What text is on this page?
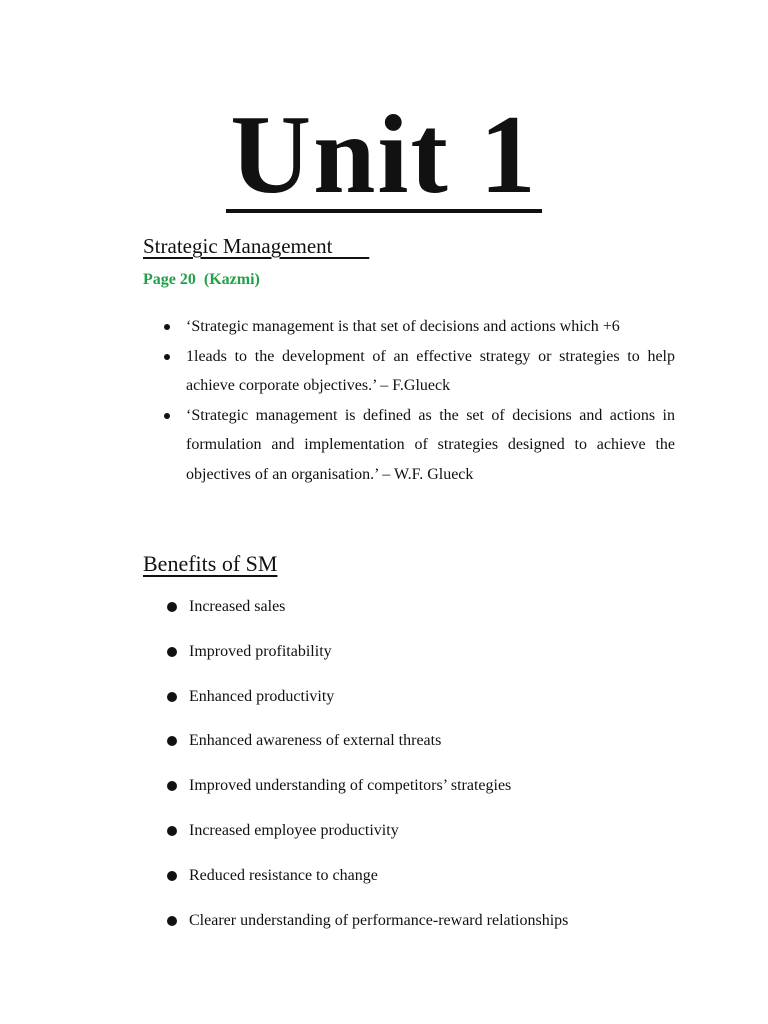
Unit 1
Strategic Management

Page 20  (Kazmi)

‘Strategic management is that set of decisions and actions which +6
1leads to the development of an effective strategy or strategies to help achieve corporate objectives.’ – F.Glueck
‘Strategic management is defined as the set of decisions and actions in formulation and implementation of strategies designed to achieve the objectives of an organisation.’ – W.F. Glueck
Benefits of SM
Increased sales
Improved profitability
Enhanced productivity
Enhanced awareness of external threats
Improved understanding of competitors’ strategies
Increased employee productivity
Reduced resistance to change
Clearer understanding of performance-reward relationships
